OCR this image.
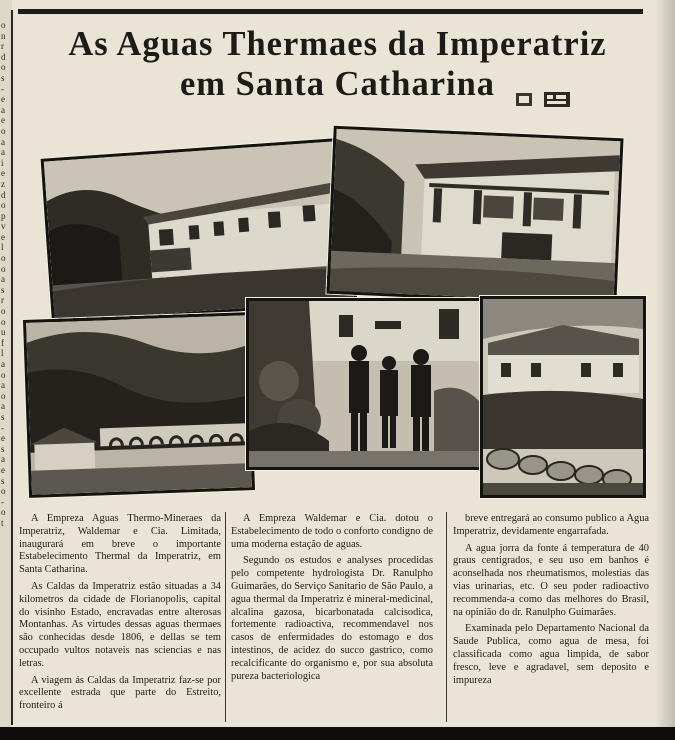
o
n
r
d
o
s
-
e
a
e
o
a
a
i
e
z
d
o
p
v
e
l
o
o
a
s
r
o
o
u
f
l
a
o
a
o
a
s
-
e
s
a
e
s
o
-
o
t
As Aguas Thermaes da Imperatriz
em Santa Catharina

A Empreza Aguas Thermo-Mineraes da Imperatriz, Waldemar e Cia. Limitada, inaugurará em breve o importante Estabelecimento Thermal da Imperatriz, em Santa Catharina.

As Caldas da Imperatriz estão situadas a 34 kilometros da cidade de Florianopolis, capital do visinho Estado, encravadas entre alterosas Montanhas. As virtudes dessas aguas thermaes são conhecidas desde 1806, e dellas se tem occupado vultos notaveis nas sciencias e nas letras.

A viagem ás Caldas da Imperatriz faz-se por excellente estrada que parte do Estreito, fronteiro á

A Empreza Waldemar e Cia. dotou o Estabelecimento de todo o conforto condigno de uma moderna estação de aguas.

Segundo os estudos e analyses procedidas pelo competente hydrologista Dr. Ranulpho Guimarães, do Serviço Sanitario de São Paulo, a agua thermal da Imperatriz é mineral-medicinal, alcalina gazosa, bicarbonatada calcisodica, fortemente radioactiva, recommendavel nos casos de enfermidades do estomago e dos intestinos, de acidez do succo gastrico, como recalcificante do organismo e, por sua absoluta pureza bacteriologica

breve entregará ao consumo publico a Agua Imperatriz, devidamente engarrafada.

A agua jorra da fonte á temperatura de 40 graus centigrados, e seu uso em banhos é aconselhada nos rheumatismos, molestias das vias urinarias, etc. O seu poder radioactivo recommenda-a como das melhores do Brasil, na opinião do dr. Ranulpho Guimarães.

Examinada pelo Departamento Nacional da Saude Publica, como agua de mesa, foi classificada como agua limpida, de sabor fresco, leve e agradavel, sem deposito e impureza
